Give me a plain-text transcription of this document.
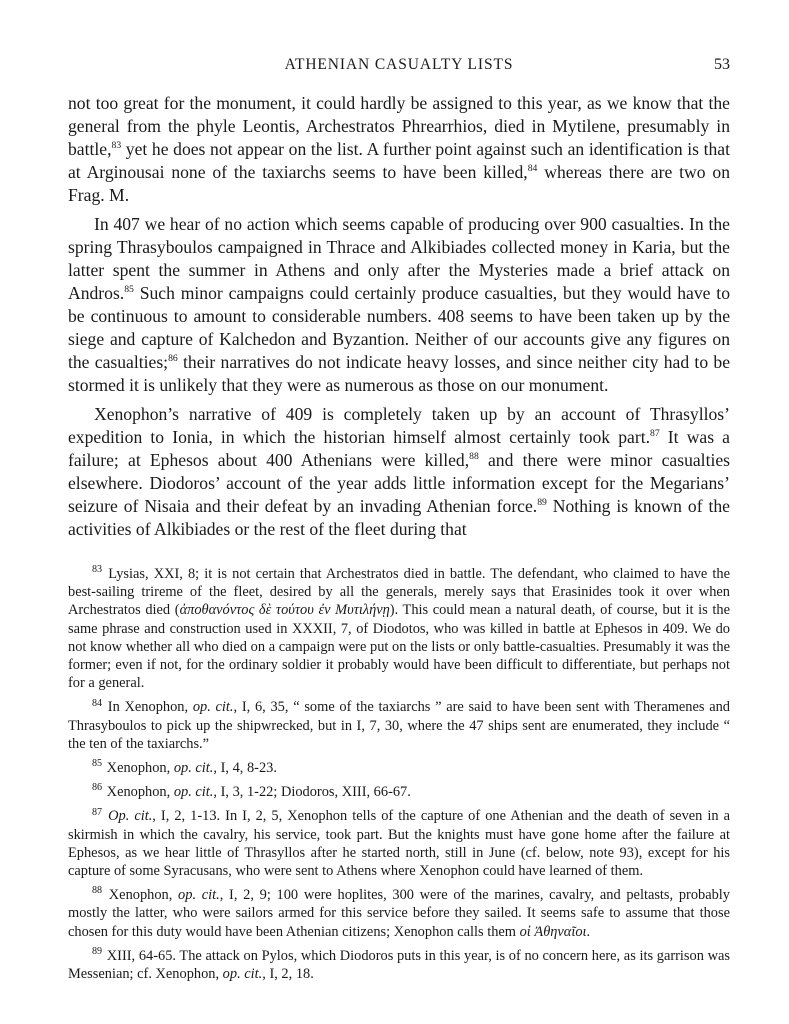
ATHENIAN CASUALTY LISTS	53

not too great for the monument, it could hardly be assigned to this year, as we know that the general from the phyle Leontis, Archestratos Phrearrhios, died in Mytilene, presumably in battle,$^{83}$ yet he does not appear on the list. A further point against such an identification is that at Arginousai none of the taxiarchs seems to have been killed,$^{84}$ whereas there are two on Frag. M.

In 407 we hear of no action which seems capable of producing over 900 casualties. In the spring Thrasyboulos campaigned in Thrace and Alkibiades collected money in Karia, but the latter spent the summer in Athens and only after the Mysteries made a brief attack on Andros.$^{85}$ Such minor campaigns could certainly produce casualties, but they would have to be continuous to amount to considerable numbers. 408 seems to have been taken up by the siege and capture of Kalchedon and Byzantion. Neither of our accounts give any figures on the casualties;$^{86}$ their narratives do not indicate heavy losses, and since neither city had to be stormed it is unlikely that they were as numerous as those on our monument.

Xenophon’s narrative of 409 is completely taken up by an account of Thrasyllos’ expedition to Ionia, in which the historian himself almost certainly took part.$^{87}$ It was a failure; at Ephesos about 400 Athenians were killed,$^{88}$ and there were minor casualties elsewhere. Diodoros’ account of the year adds little information except for the Megarians’ seizure of Nisaia and their defeat by an invading Athenian force.$^{89}$ Nothing is known of the activities of Alkibiades or the rest of the fleet during that

$^{83}$ Lysias, XXI, 8; it is not certain that Archestratos died in battle. The defendant, who claimed to have the best-sailing trireme of the fleet, desired by all the generals, merely says that Erasinides took it over when Archestratos died (ἀποθανόντος δὲ τούτου ἐν Μυτιλήνῃ). This could mean a natural death, of course, but it is the same phrase and construction used in XXXII, 7, of Diodotos, who was killed in battle at Ephesos in 409. We do not know whether all who died on a campaign were put on the lists or only battle-casualties. Presumably it was the former; even if not, for the ordinary soldier it probably would have been difficult to differentiate, but perhaps not for a general.

$^{84}$ In Xenophon, op. cit., I, 6, 35, “ some of the taxiarchs ” are said to have been sent with Theramenes and Thrasyboulos to pick up the shipwrecked, but in I, 7, 30, where the 47 ships sent are enumerated, they include “ the ten of the taxiarchs.”

$^{85}$ Xenophon, op. cit., I, 4, 8-23.

$^{86}$ Xenophon, op. cit., I, 3, 1-22; Diodoros, XIII, 66-67.

$^{87}$ Op. cit., I, 2, 1-13. In I, 2, 5, Xenophon tells of the capture of one Athenian and the death of seven in a skirmish in which the cavalry, his service, took part. But the knights must have gone home after the failure at Ephesos, as we hear little of Thrasyllos after he started north, still in June (cf. below, note 93), except for his capture of some Syracusans, who were sent to Athens where Xenophon could have learned of them.

$^{88}$ Xenophon, op. cit., I, 2, 9; 100 were hoplites, 300 were of the marines, cavalry, and peltasts, probably mostly the latter, who were sailors armed for this service before they sailed. It seems safe to assume that those chosen for this duty would have been Athenian citizens; Xenophon calls them οἱ Ἀθηναῖοι.

$^{89}$ XIII, 64-65. The attack on Pylos, which Diodoros puts in this year, is of no concern here, as its garrison was Messenian; cf. Xenophon, op. cit., I, 2, 18.
